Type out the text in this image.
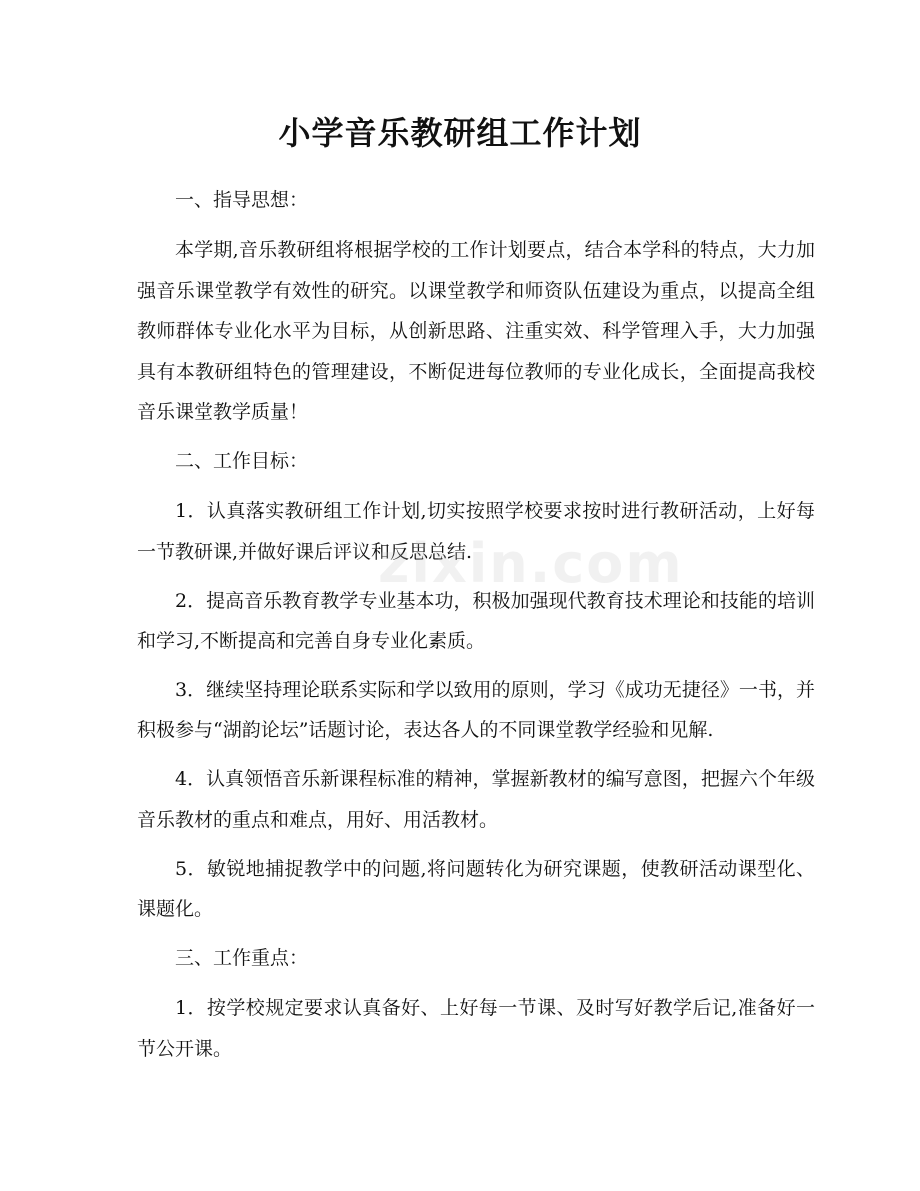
小学音乐教研组工作计划

一、指导思想：

本学期,音乐教研组将根据学校的工作计划要点，结合本学科的特点，大力加强音乐课堂教学有效性的研究。以课堂教学和师资队伍建设为重点，以提高全组教师群体专业化水平为目标，从创新思路、注重实效、科学管理入手，大力加强具有本教研组特色的管理建设，不断促进每位教师的专业化成长，全面提高我校音乐课堂教学质量！

二、工作目标：

1．认真落实教研组工作计划,切实按照学校要求按时进行教研活动，上好每一节教研课,并做好课后评议和反思总结.

2．提高音乐教育教学专业基本功，积极加强现代教育技术理论和技能的培训和学习,不断提高和完善自身专业化素质。

3．继续坚持理论联系实际和学以致用的原则，学习《成功无捷径》一书，并积极参与“湖韵论坛”话题讨论，表达各人的不同课堂教学经验和见解.

4．认真领悟音乐新课程标准的精神，掌握新教材的编写意图，把握六个年级音乐教材的重点和难点，用好、用活教材。

5．敏锐地捕捉教学中的问题,将问题转化为研究课题，使教研活动课型化、课题化。

三、工作重点：

1．按学校规定要求认真备好、上好每一节课、及时写好教学后记,准备好一节公开课。

zixin.com
